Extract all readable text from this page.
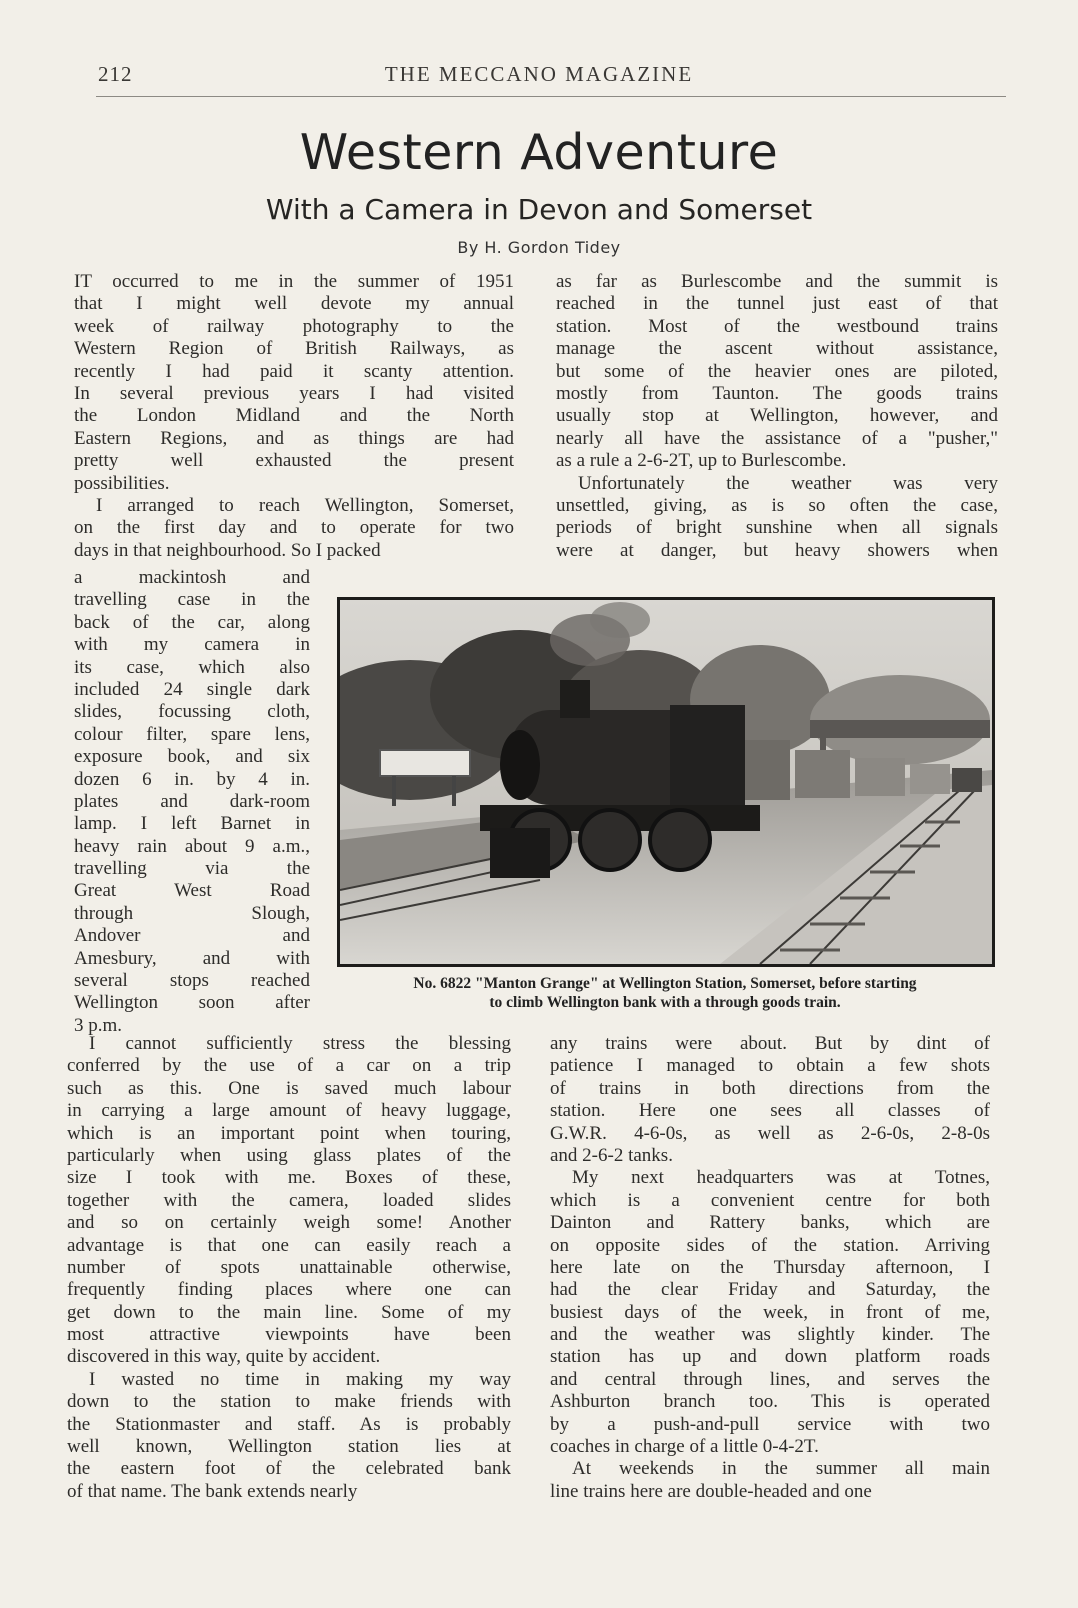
212	THE MECCANO MAGAZINE
Western Adventure
With a Camera in Devon and Somerset
By H. Gordon Tidey
IT occurred to me in the summer of 1951
that I might well devote my annual
week of railway photography to the
Western Region of British Railways, as
recently I had paid it scanty attention.
In several previous years I had visited
the London Midland and the North
Eastern Regions, and as things are had
pretty well exhausted the present
possibilities.
I arranged to reach Wellington, Somerset,
on the first day and to operate for two
days in that neighbourhood. So I packed
a mackintosh and
travelling case in the
back of the car, along
with my camera in
its case, which also
included 24 single dark
slides, focussing cloth,
colour filter, spare lens,
exposure book, and six
dozen 6 in. by 4 in.
plates and dark-room
lamp. I left Barnet in
heavy rain about 9 a.m.,
travelling via the
Great West Road
through Slough,
Andover and
Amesbury, and with
several stops reached
Wellington soon after
3 p.m.
as far as Burlescombe and the summit is
reached in the tunnel just east of that
station. Most of the westbound trains
manage the ascent without assistance,
but some of the heavier ones are piloted,
mostly from Taunton. The goods trains
usually stop at Wellington, however, and
nearly all have the assistance of a "pusher,"
as a rule a 2-6-2T, up to Burlescombe.
Unfortunately the weather was very
unsettled, giving, as is so often the case,
periods of bright sunshine when all signals
were at danger, but heavy showers when
No. 6822 "Manton Grange" at Wellington Station, Somerset, before starting
to climb Wellington bank with a through goods train.
I cannot sufficiently stress the blessing
conferred by the use of a car on a trip
such as this. One is saved much labour
in carrying a large amount of heavy luggage,
which is an important point when touring,
particularly when using glass plates of the
size I took with me. Boxes of these,
together with the camera, loaded slides
and so on certainly weigh some! Another
advantage is that one can easily reach a
number of spots unattainable otherwise,
frequently finding places where one can
get down to the main line. Some of my
most attractive viewpoints have been
discovered in this way, quite by accident.
I wasted no time in making my way
down to the station to make friends with
the Stationmaster and staff. As is probably
well known, Wellington station lies at
the eastern foot of the celebrated bank
of that name. The bank extends nearly
any trains were about. But by dint of
patience I managed to obtain a few shots
of trains in both directions from the
station. Here one sees all classes of
G.W.R. 4-6-0s, as well as 2-6-0s, 2-8-0s
and 2-6-2 tanks.
My next headquarters was at Totnes,
which is a convenient centre for both
Dainton and Rattery banks, which are
on opposite sides of the station. Arriving
here late on the Thursday afternoon, I
had the clear Friday and Saturday, the
busiest days of the week, in front of me,
and the weather was slightly kinder. The
station has up and down platform roads
and central through lines, and serves the
Ashburton branch too. This is operated
by a push-and-pull service with two
coaches in charge of a little 0-4-2T.
At weekends in the summer all main
line trains here are double-headed and one
